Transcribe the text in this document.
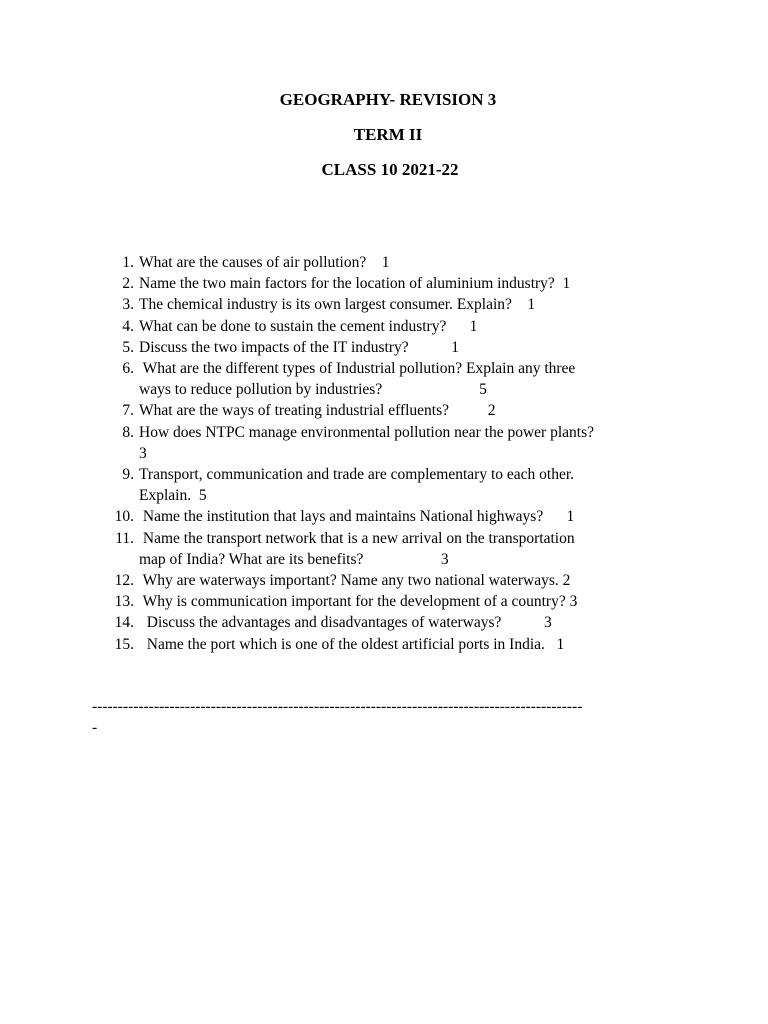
GEOGRAPHY- REVISION 3
TERM II
CLASS 10 2021-22
1. What are the causes of air pollution?    1
2. Name the two main factors for the location of aluminium industry?  1
3. The chemical industry is its own largest consumer. Explain?    1
4. What can be done to sustain the cement industry?      1
5. Discuss the two impacts of the IT industry?           1
6. What are the different types of Industrial pollution? Explain any three
ways to reduce pollution by industries?                         5
7. What are the ways of treating industrial effluents?          2
8. How does NTPC manage environmental pollution near the power plants?
3
9. Transport, communication and trade are complementary to each other.
Explain.  5
10. Name the institution that lays and maintains National highways?      1
11. Name the transport network that is a new arrival on the transportation
map of India? What are its benefits?                    3
12. Why are waterways important? Name any two national waterways. 2
13. Why is communication important for the development of a country? 3
14. Discuss the advantages and disadvantages of waterways?           3
15. Name the port which is one of the oldest artificial ports in India.   1
-----------------------------------------------------------------------------------------------
-
